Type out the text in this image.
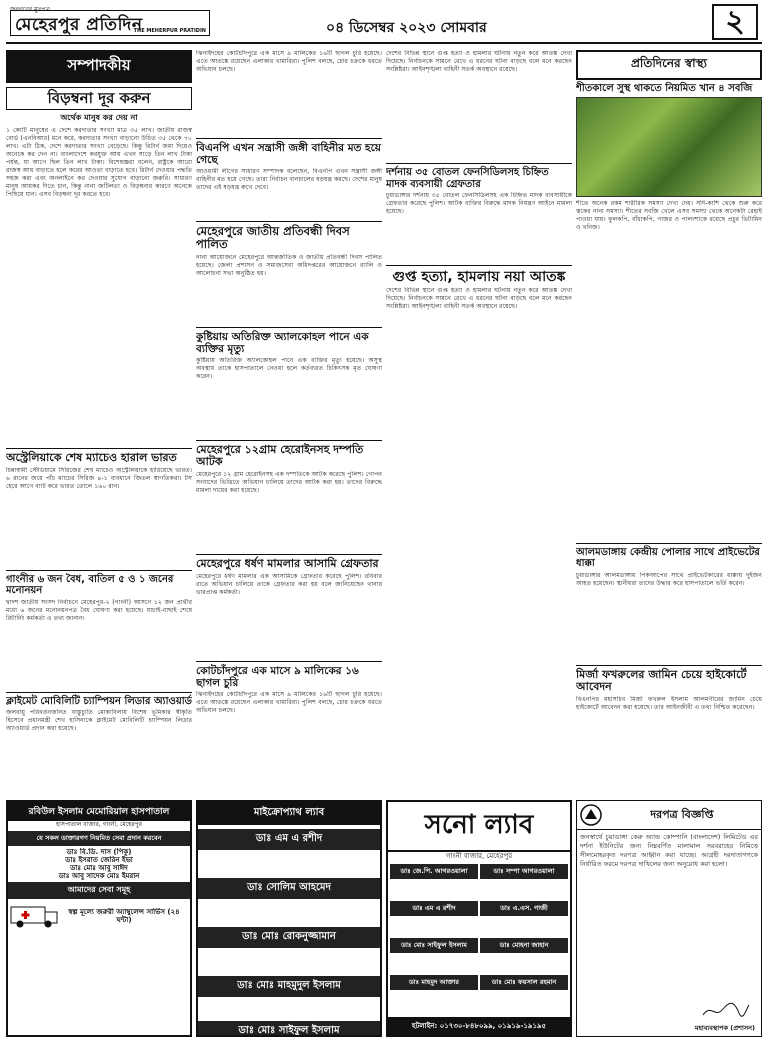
জনগণের মুখপত্র
মেহেরপুর প্রতিদিন
THE MEHERPUR PRATIDIN	০৪ ডিসেম্বর ২০২৩ সোমবার	২
সম্পাদকীয়
বিড়ম্বনা দূর করুন
অর্থেক মানুষ কর দেয় না
১ কোটি মানুষের এ দেশে করদাতার সংখ্যা মাত্র ৩৫ লাখ। জাতীয় রাজস্ব বোর্ড (এনবিআর) মনে করে, করদাতার সংখ্যা বাড়ানো উচিত ৩৫ থেকে ৭০ লাখ। এটা ঠিক, দেশে করদাতার সংখ্যা বেড়েছে। কিন্তু রিটার্ন জমা দিয়েও অনেকে কর দেন না। বাংলাদেশে করযুক্ত আয় এখন সাড়ে তিন লাখ টাকা পর্যন্ত, যা আগে ছিল তিন লাখ টাকা। বিশেষজ্ঞরা বলেন, রাষ্ট্রকে আরো রাজস্ব আয় বাড়াতে হলে করের আওতা বাড়াতে হবে। রিটার্ন দেওয়ার পদ্ধতি সহজ করা এবং অনলাইনে কর দেওয়ার সুযোগ বাড়ানো জরুরি। সাধারণ মানুষ আয়কর দিতে চান, কিন্তু নানা জটিলতা ও বিড়ম্বনার কারণে অনেকে পিছিয়ে যান। এসব বিড়ম্বনা দূর করতে হবে।
অস্ট্রেলিয়াকে শেষ ম্যাচেও হারাল ভারত
চিন্নাস্বামী স্টেডিয়ামে সিরিজের শেষ ম্যাচেও অস্ট্রেলিয়াকে হারিয়েছে ভারত। ৬ রানের জয়ে পাঁচ ম্যাচের সিরিজ ৪-১ ব্যবধানে জিতল স্বাগতিকরা। টস হেরে আগে ব্যাট করে ভারত তোলে ১৬০ রান।
গাংনীর ৬ জন বৈধ, বাতিল ৫ ও ১ জনের মনোনয়ন
দ্বাদশ জাতীয় সংসদ নির্বাচনে মেহেরপুর-২ (গাংনী) আসনে ১২ জন প্রার্থীর মধ্যে ৬ জনের মনোনয়নপত্র বৈধ ঘোষণা করা হয়েছে। যাচাই-বাছাই শেষে রিটার্নিং কর্মকর্তা এ তথ্য জানান।
ক্লাইমেট মোবিলিটি চ্যাম্পিয়ন লিডার অ্যাওয়ার্ড
জলবায়ু পরিবর্তনজনিত বাস্তুচ্যুতি মোকাবিলায় বিশেষ ভূমিকার স্বীকৃতি হিসেবে প্রধানমন্ত্রী শেখ হাসিনাকে ক্লাইমেট মোবিলিটি চ্যাম্পিয়ন লিডার অ্যাওয়ার্ড প্রদান করা হয়েছে।
ঝিনাইদহের কোটচাঁদপুরে এক মাসে ৯ মালিকের ১৬টি ছাগল চুরি হয়েছে। এতে আতঙ্কে রয়েছেন এলাকার খামারিরা। পুলিশ বলছে, চোর চক্রকে ধরতে অভিযান চলছে।
বিএনপি এখন সন্ত্রাসী জঙ্গী বাহিনীর মত হয়ে গেছে
আওয়ামী লীগের সাধারণ সম্পাদক বলেছেন, বিএনপি এখন সন্ত্রাসী জঙ্গী বাহিনীর মত হয়ে গেছে। তারা নির্বাচন বানচালের ষড়যন্ত্র করছে। দেশের মানুষ তাদের এই ষড়যন্ত্র রুখে দেবে।
মেহেরপুরে জাতীয় প্রতিবন্ধী দিবস পালিত
নানা আয়োজনে মেহেরপুরে আন্তর্জাতিক ও জাতীয় প্রতিবন্ধী দিবস পালিত হয়েছে। জেলা প্রশাসন ও সমাজসেবা অধিদপ্তরের আয়োজনে র‍্যালি ও আলোচনা সভা অনুষ্ঠিত হয়।
কুষ্টিয়ায় অতিরিক্ত অ্যালকোহল পানে এক ব্যক্তির মৃত্যু
কুষ্টিয়ায় অতিরিক্ত অ্যালকোহল পানে এক ব্যক্তির মৃত্যু হয়েছে। অসুস্থ অবস্থায় তাকে হাসপাতালে নেওয়া হলে কর্তব্যরত চিকিৎসক মৃত ঘোষণা করেন।
মেহেরপুরে ১২গ্রাম হেরোইনসহ দম্পতি আটক
মেহেরপুরে ১২ গ্রাম হেরোইনসহ এক দম্পতিকে আটক করেছে পুলিশ। গোপন সংবাদের ভিত্তিতে অভিযান চালিয়ে তাদের আটক করা হয়। তাদের বিরুদ্ধে মামলা দায়ের করা হয়েছে।
মেহেরপুরে ধর্ষণ মামলার আসামি গ্রেফতার
মেহেরপুরে ধর্ষণ মামলার এক আসামিকে গ্রেফতার করেছে পুলিশ। রবিবার রাতে অভিযান চালিয়ে তাকে গ্রেফতার করা হয় বলে জানিয়েছেন থানার ভারপ্রাপ্ত কর্মকর্তা।
কোটচাঁদপুরে এক মাসে ৯ মালিকের ১৬ ছাগল চুরি
ঝিনাইদহের কোটচাঁদপুরে এক মাসে ৯ মালিকের ১৬টি ছাগল চুরি হয়েছে। এতে আতঙ্কে রয়েছেন এলাকার খামারিরা। পুলিশ বলছে, চোর চক্রকে ধরতে অভিযান চলছে।
দেশের বিভিন্ন স্থানে গুপ্ত হত্যা ও হামলার ঘটনায় নতুন করে আতঙ্ক দেখা দিয়েছে। নির্বাচনকে সামনে রেখে এ ধরনের ঘটনা বাড়ছে বলে মনে করছেন সংশ্লিষ্টরা। আইনশৃঙ্খলা বাহিনী সতর্ক অবস্থানে রয়েছে।
দর্শনায় ৩৫ বোতল ফেনসিডিলসহ চিহ্নিত মাদক ব্যবসায়ী গ্রেফতার
চুয়াডাঙ্গার দর্শনায় ৩৫ বোতল ফেনসিডিলসহ এক চিহ্নিত মাদক ব্যবসায়ীকে গ্রেফতার করেছে পুলিশ। আটক ব্যক্তির বিরুদ্ধে মাদক নিয়ন্ত্রণ আইনে মামলা হয়েছে।
গুপ্ত হত্যা, হামলায় নয়া আতঙ্ক
দেশের বিভিন্ন স্থানে গুপ্ত হত্যা ও হামলার ঘটনায় নতুন করে আতঙ্ক দেখা দিয়েছে। নির্বাচনকে সামনে রেখে এ ধরনের ঘটনা বাড়ছে বলে মনে করছেন সংশ্লিষ্টরা। আইনশৃঙ্খলা বাহিনী সতর্ক অবস্থানে রয়েছে।
প্রতিদিনের স্বাস্থ্য
শীতকালে সুস্থ থাকতে নিয়মিত খান ৪ সবজি
শীতে অনেক রকম শারীরিক সমস্যা দেখা দেয়। সর্দি-কাশি থেকে শুরু করে ত্বকের নানা সমস্যা। শীতের সবজি খেলে এসব সমস্যা থেকে অনেকটা রেহাই পাওয়া যায়। ফুলকপি, বাঁধাকপি, গাজর ও পালংশাকে রয়েছে প্রচুর ভিটামিন ও খনিজ।
আলমডাঙ্গায় কেন্দ্রীয় পোলার সাথে প্রাইভেটের ধাক্কা
চুয়াডাঙ্গার আলমডাঙ্গায় পিকআপের সাথে প্রাইভেটকারের ধাক্কায় দুইজন আহত হয়েছেন। স্থানীয়রা তাদের উদ্ধার করে হাসপাতালে ভর্তি করেন।
মির্জা ফখরুলের জামিন চেয়ে হাইকোর্টে আবেদন
বিএনপির মহাসচিব মির্জা ফখরুল ইসলাম আলমগীরের জামিন চেয়ে হাইকোর্টে আবেদন করা হয়েছে। তার আইনজীবী এ তথ্য নিশ্চিত করেছেন।
রবিউল ইসলাম মেমোরিয়াল হাসপাতাল
হাসপাতাল বাজার, গাংনী, মেহেরপুর
যে সকল ডাক্তারগণ নিয়মিত সেবা প্রদান করবেন
ডাঃ বি.ডি. দাস (পিকু)
ডাঃ ইসরাত জেরিন ইভা
ডাঃ মোঃ আবু সাঈদ
ডাঃ আবু সাদেক মোঃ ইমরান
আমাদের সেবা সমূহ
স্বল্প মূল্যে জরুরী অ্যাম্বুলেন্স সার্ভিস (২৪ ঘন্টা)
মাইক্রোপ্যাথ ল্যাব
ডাঃ এম এ রশীদ
ডাঃ সোলিম আহমেদ
ডাঃ মোঃ রোকনুজ্জামান
ডাঃ মোঃ মাহমুদুল ইসলাম
ডাঃ মোঃ সাইফুল ইসলাম
সনো ল্যাব
গাংনী বাজার, মেহেরপুর
ডাঃ জে.পি. আগরওয়ালা	ডাঃ সম্পা আগরওয়ালা
ডাঃ এম এ রশীদ	ডাঃ এ.এস. গাজী
ডাঃ মোঃ সাইফুল ইসলাম	ডাঃ মোহনা জাহান
ডাঃ মাহমুদ আক্তার	ডাঃ মোঃ ফয়সাল রহমান
হটলাইন: ০১৭৩০-৮৪৮০৯৯, ০১৯১৯-১৯১৯৫
দরপত্র বিজ্ঞপ্তি
জনস্বার্থে চুয়াডাঙ্গা কেরু অ্যান্ড কোম্পানি (বাংলাদেশ) লিমিটেড এর দর্শনা ইউনিটের জন্য নিম্নবর্ণিত মালামাল সরবরাহের নিমিত্তে সীলমোহরকৃত দরপত্র আহ্বান করা যাচ্ছে। আগ্রহী দরদাতাগণকে নির্ধারিত ফরমে দরপত্র দাখিলের জন্য অনুরোধ করা হলো।
মহাব্যবস্থাপক (প্রশাসন)
